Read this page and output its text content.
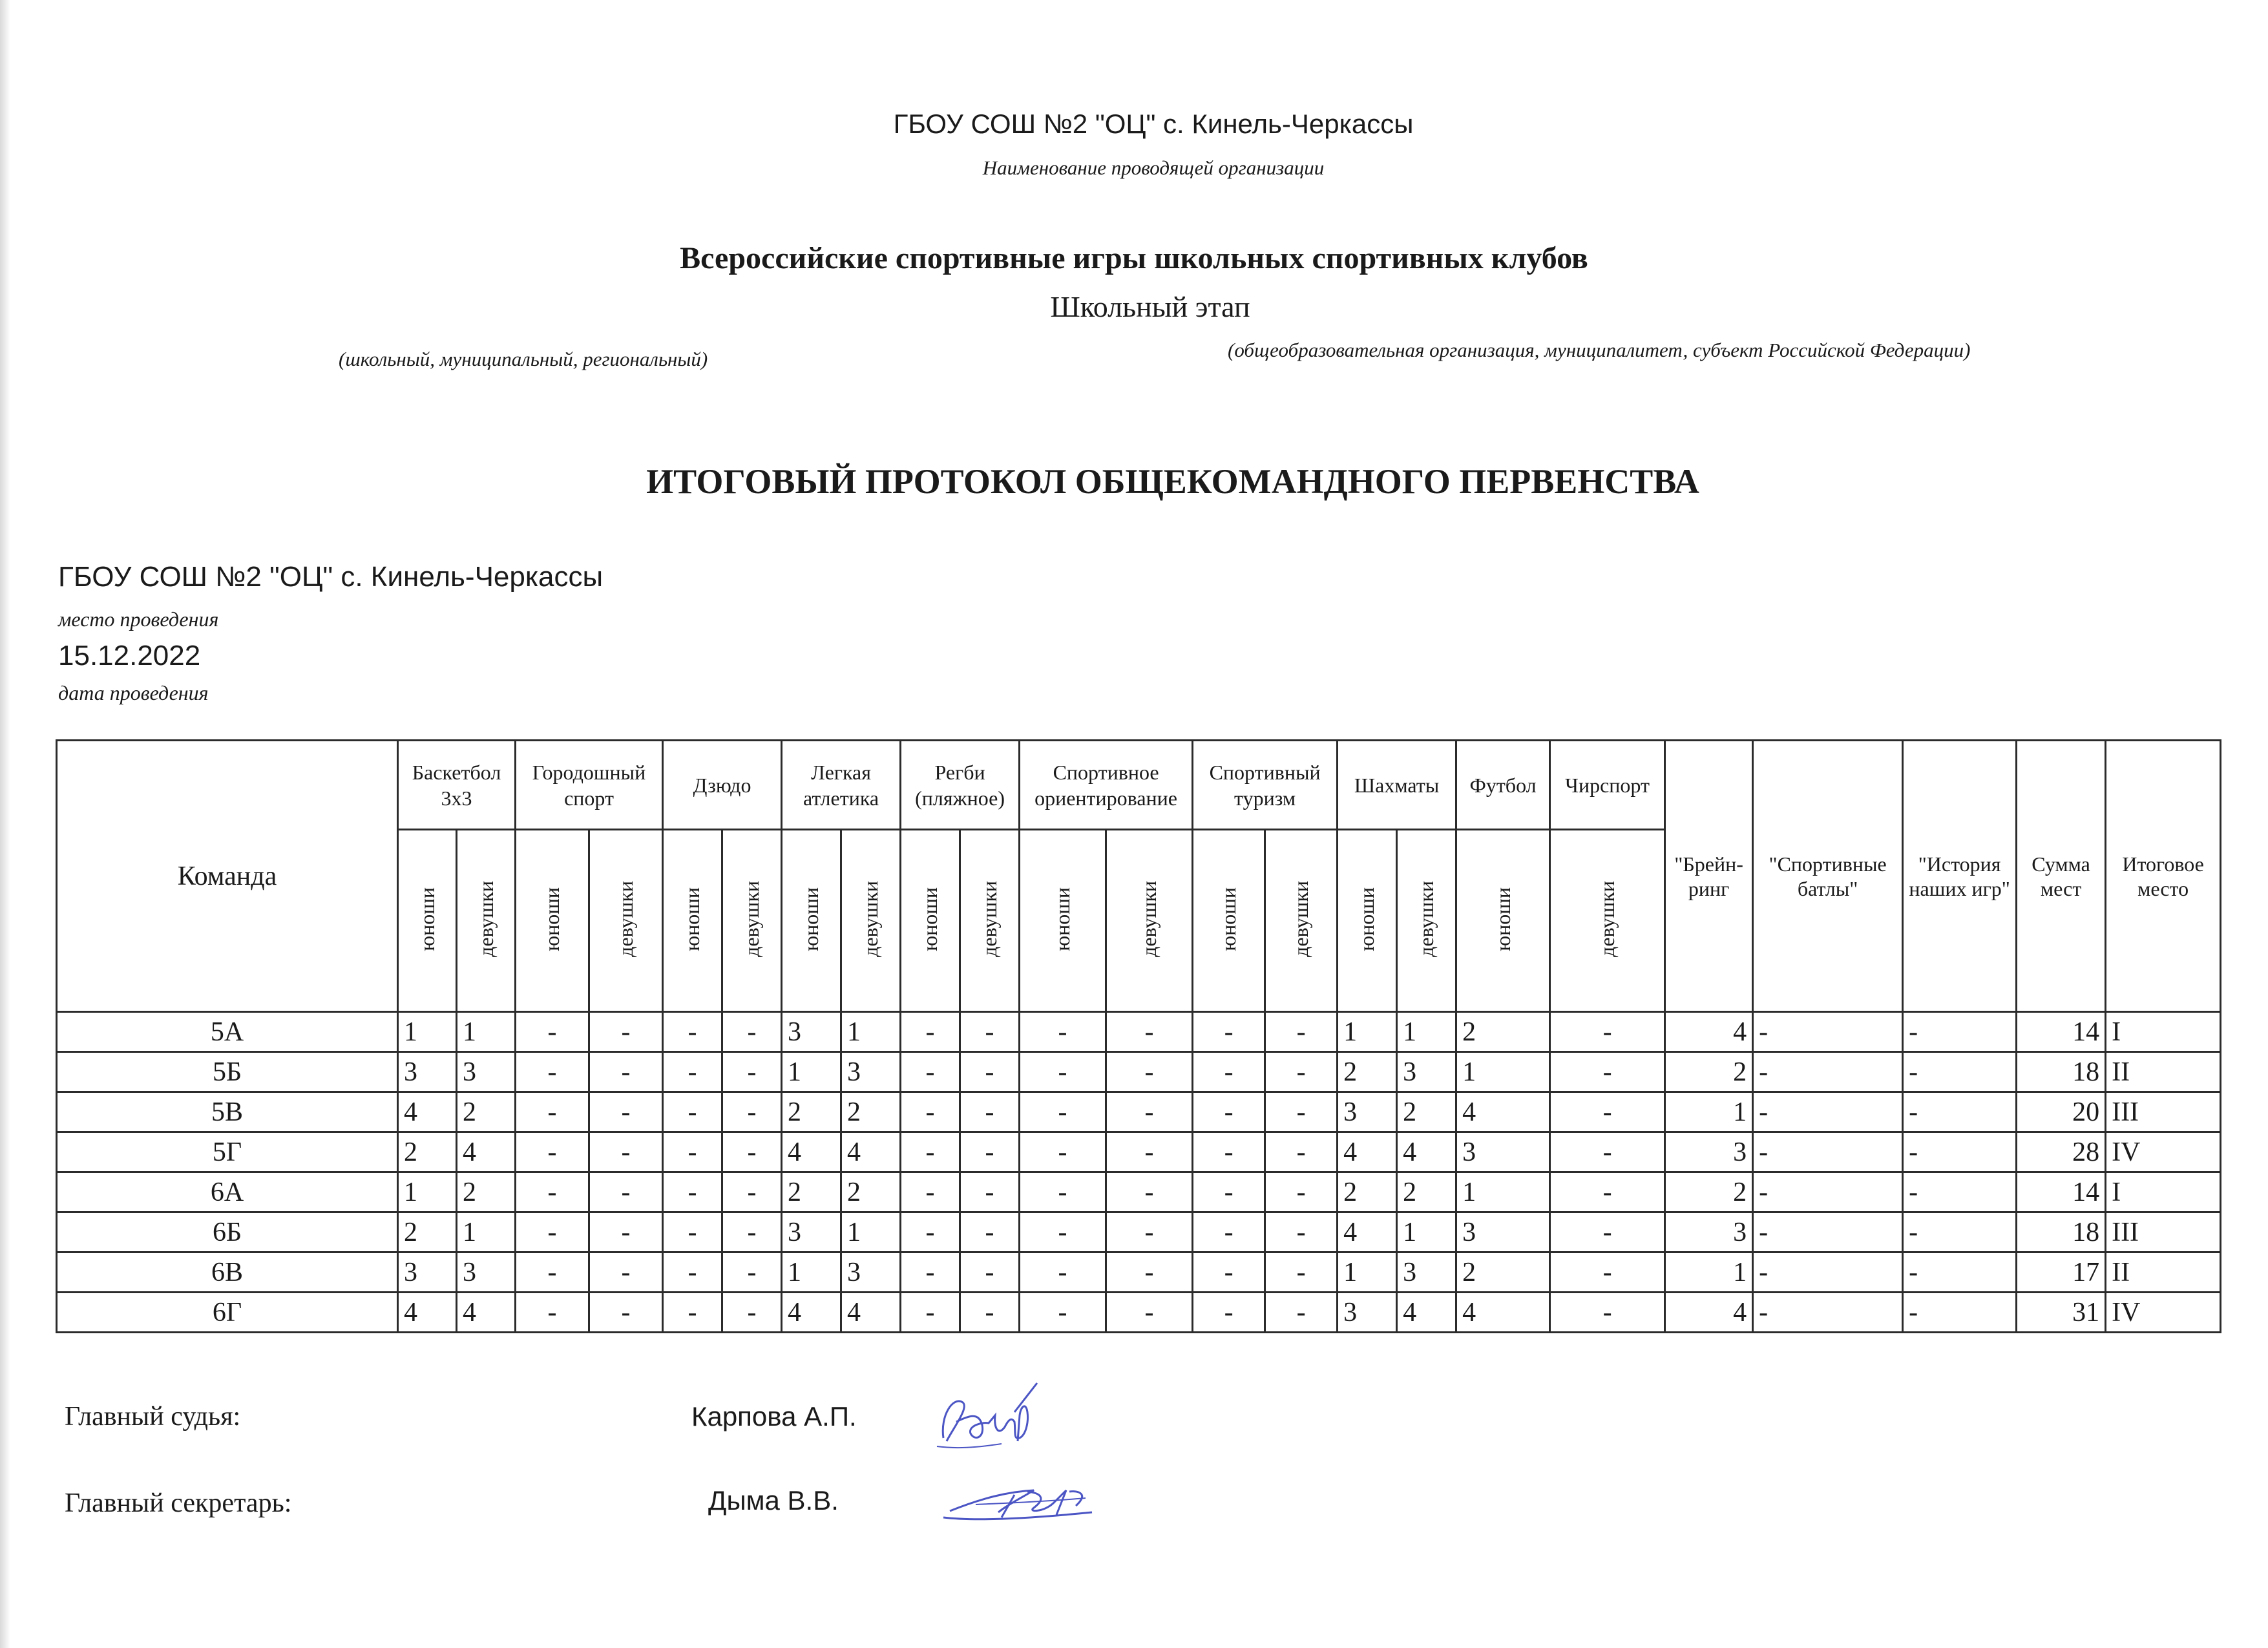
ГБОУ СОШ №2 "ОЦ" с. Кинель-Черкассы
Наименование проводящей организации
Всероссийские спортивные игры школьных спортивных клубов
Школьный этап
(школьный, муниципальный, региональный)	(общеобразовательная организация, муниципалитет, субъект Российской Федерации)
ИТОГОВЫЙ ПРОТОКОЛ ОБЩЕКОМАНДНОГО ПЕРВЕНСТВА
ГБОУ СОШ №2 "ОЦ" с. Кинель-Черкассы
место проведения
15.12.2022
дата проведения
Команда	Баскетбол 3х3		Городошный спорт		Дзюдо		Легкая атлетика		Регби (пляжное)		Спортивное ориентирование		Спортивный туризм		Шахматы		Футбол	Чирспорт	"Брейн-ринг	"Спортивные батлы"	"История наших игр"	Сумма мест	Итоговое место
	юноши	девушки	юноши	девушки	юноши	девушки	юноши	девушки	юноши	девушки	юноши	девушки	юноши	девушки	юноши	девушки	юноши	девушки					
5А	1	1	-	-	-	-	3	1	-	-	-	-	-	-	1	1	2	-	4	-	-	14	I
5Б	3	3	-	-	-	-	1	3	-	-	-	-	-	-	2	3	1	-	2	-	-	18	II
5В	4	2	-	-	-	-	2	2	-	-	-	-	-	-	3	2	4	-	1	-	-	20	III
5Г	2	4	-	-	-	-	4	4	-	-	-	-	-	-	4	4	3	-	3	-	-	28	IV
6А	1	2	-	-	-	-	2	2	-	-	-	-	-	-	2	2	1	-	2	-	-	14	I
6Б	2	1	-	-	-	-	3	1	-	-	-	-	-	-	4	1	3	-	3	-	-	18	III
6В	3	3	-	-	-	-	1	3	-	-	-	-	-	-	1	3	2	-	1	-	-	17	II
6Г	4	4	-	-	-	-	4	4	-	-	-	-	-	-	3	4	4	-	4	-	-	31	IV
Главный судья:	Карпова А.П.
Главный секретарь:	Дыма В.В.
